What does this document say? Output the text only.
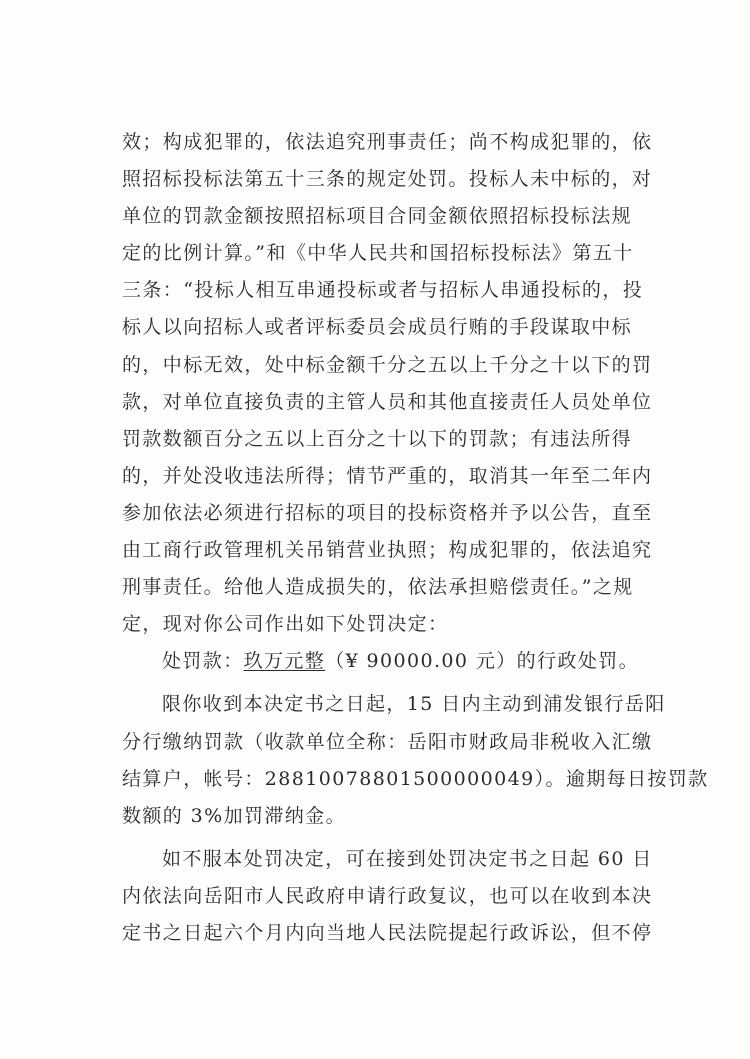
效；构成犯罪的，依法追究刑事责任；尚不构成犯罪的，依
照招标投标法第五十三条的规定处罚。投标人未中标的，对
单位的罚款金额按照招标项目合同金额依照招标投标法规
定的比例计算。”和《中华人民共和国招标投标法》第五十
三条：“投标人相互串通投标或者与招标人串通投标的，投
标人以向招标人或者评标委员会成员行贿的手段谋取中标
的，中标无效，处中标金额千分之五以上千分之十以下的罚
款，对单位直接负责的主管人员和其他直接责任人员处单位
罚款数额百分之五以上百分之十以下的罚款；有违法所得
的，并处没收违法所得；情节严重的，取消其一年至二年内
参加依法必须进行招标的项目的投标资格并予以公告，直至
由工商行政管理机关吊销营业执照；构成犯罪的，依法追究
刑事责任。给他人造成损失的，依法承担赔偿责任。”之规
定，现对你公司作出如下处罚决定：
处罚款：玖万元整（¥ 90000.00 元）的行政处罚。
限你收到本决定书之日起，15 日内主动到浦发银行岳阳
分行缴纳罚款（收款单位全称：岳阳市财政局非税收入汇缴
结算户，帐号：28810078801500000049）。逾期每日按罚款
数额的 3%加罚滞纳金。
如不服本处罚决定，可在接到处罚决定书之日起 60 日
内依法向岳阳市人民政府申请行政复议，也可以在收到本决
定书之日起六个月内向当地人民法院提起行政诉讼，但不停
